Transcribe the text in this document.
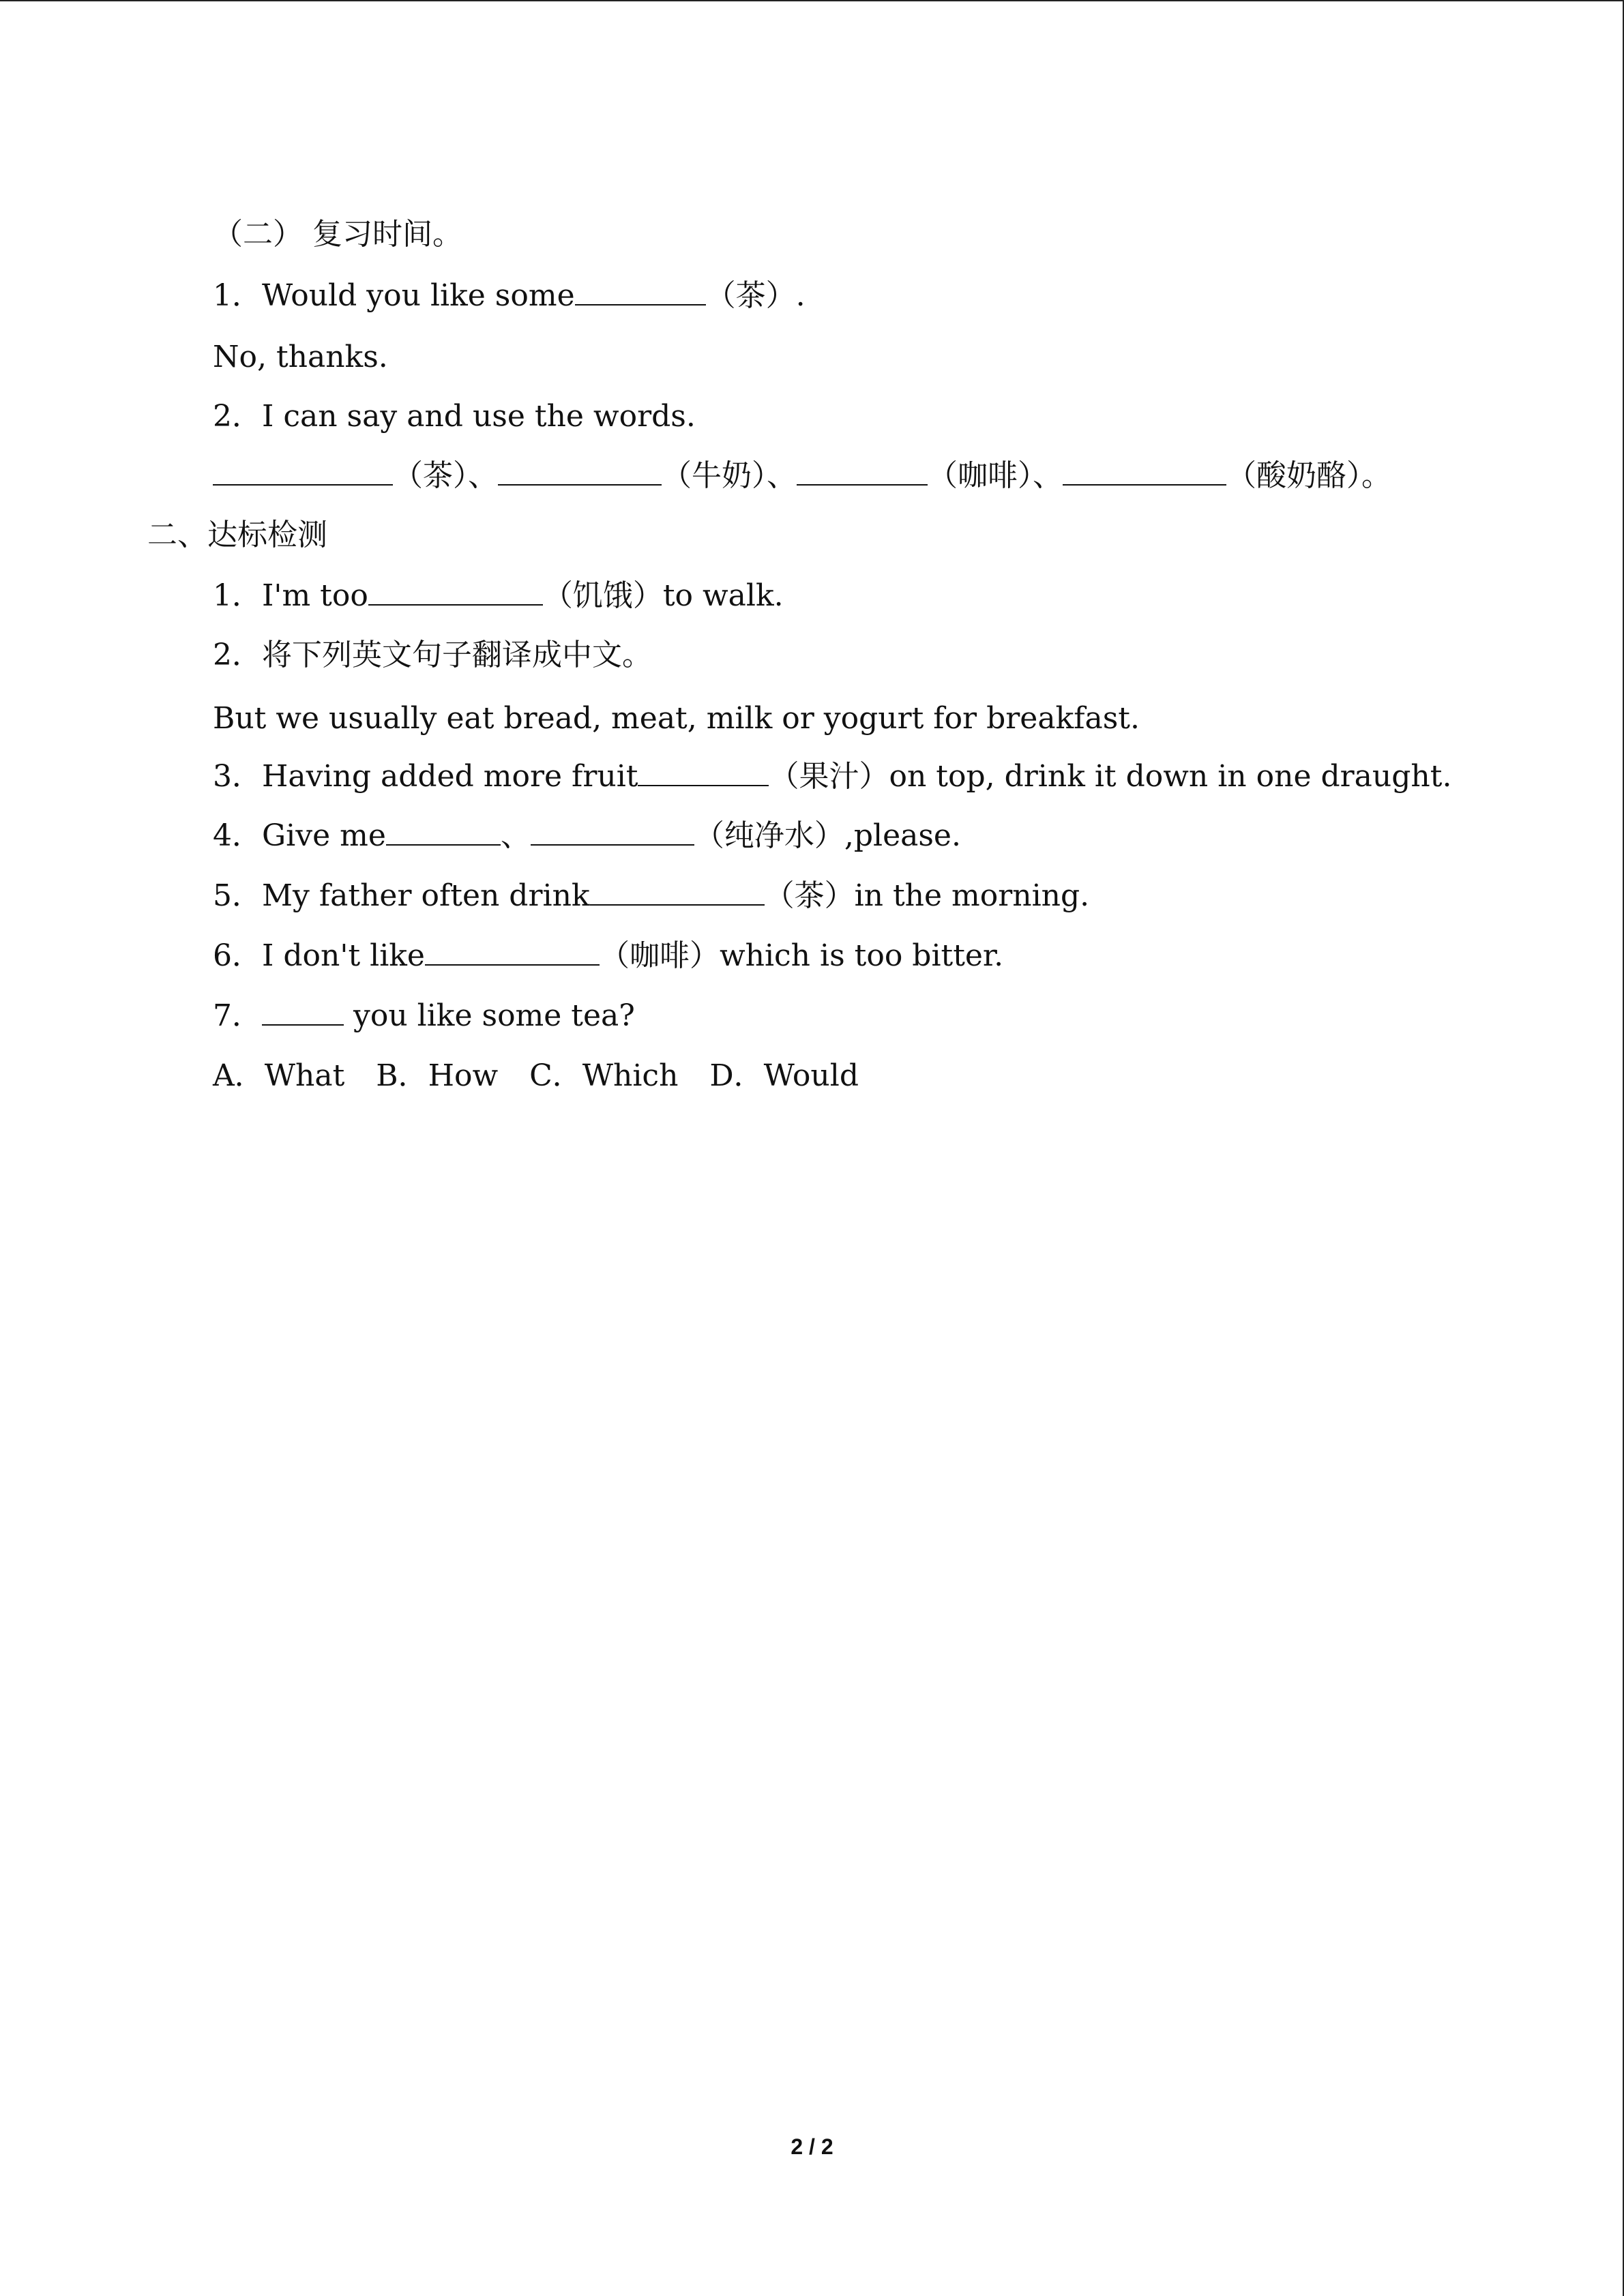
（二） 复习时间。
1．Would you like some	（茶）.
No, thanks.
2．I can say and use the words.
（茶）、	（牛奶）、	（咖啡）、	（酸奶酪）。
二、达标检测
1．I'm too	（饥饿）to walk.
2．将下列英文句子翻译成中文。
But we usually eat bread, meat, milk or yogurt for breakfast.
3．Having added more fruit	（果汁）on top, drink it down in one draught.
4．Give me	、	（纯净水）,please.
5．My father often drink	（茶）in the morning.
6．I don't like	（咖啡）which is too bitter.
7．	you like some tea?
A．What B．How C．Which D．Would
2 / 2
